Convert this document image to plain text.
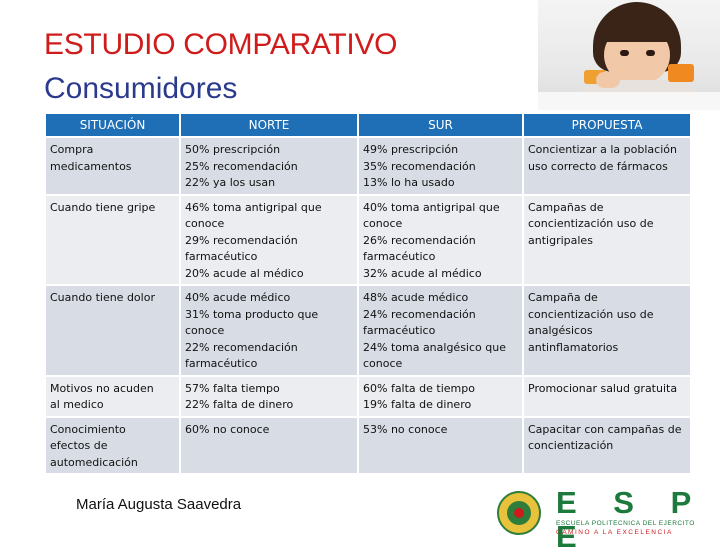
ESTUDIO COMPARATIVO
Consumidores
SITUACIÓN	NORTE	SUR	PROPUESTA

Compra
medicamentos	50% prescripción
25% recomendación
22% ya los usan	49% prescripción
35% recomendación
13% lo ha usado	Concientizar a la población
uso correcto de fármacos

Cuando tiene gripe	46% toma antigripal que
conoce
29% recomendación
farmacéutico
20% acude al médico	40% toma antigripal que
conoce
26% recomendación
farmacéutico
32% acude al médico	Campañas de
concientización uso de
antigripales

Cuando tiene dolor	40% acude médico
31% toma producto que
conoce
22% recomendación
farmacéutico	48% acude médico
24% recomendación
farmacéutico
24% toma analgésico que
conoce	Campaña de
concientización uso de
analgésicos
antinflamatorios

Motivos no acuden
al medico	57% falta tiempo
22% falta de dinero	60% falta de tiempo
19% falta de dinero	Promocionar salud gratuita

Conocimiento
efectos de
automedicación	60% no conoce	53% no conoce	Capacitar con campañas de
concientización
María Augusta Saavedra	E S P E
ESCUELA POLITÉCNICA DEL EJÉRCITO
CAMINO A LA EXCELENCIA
